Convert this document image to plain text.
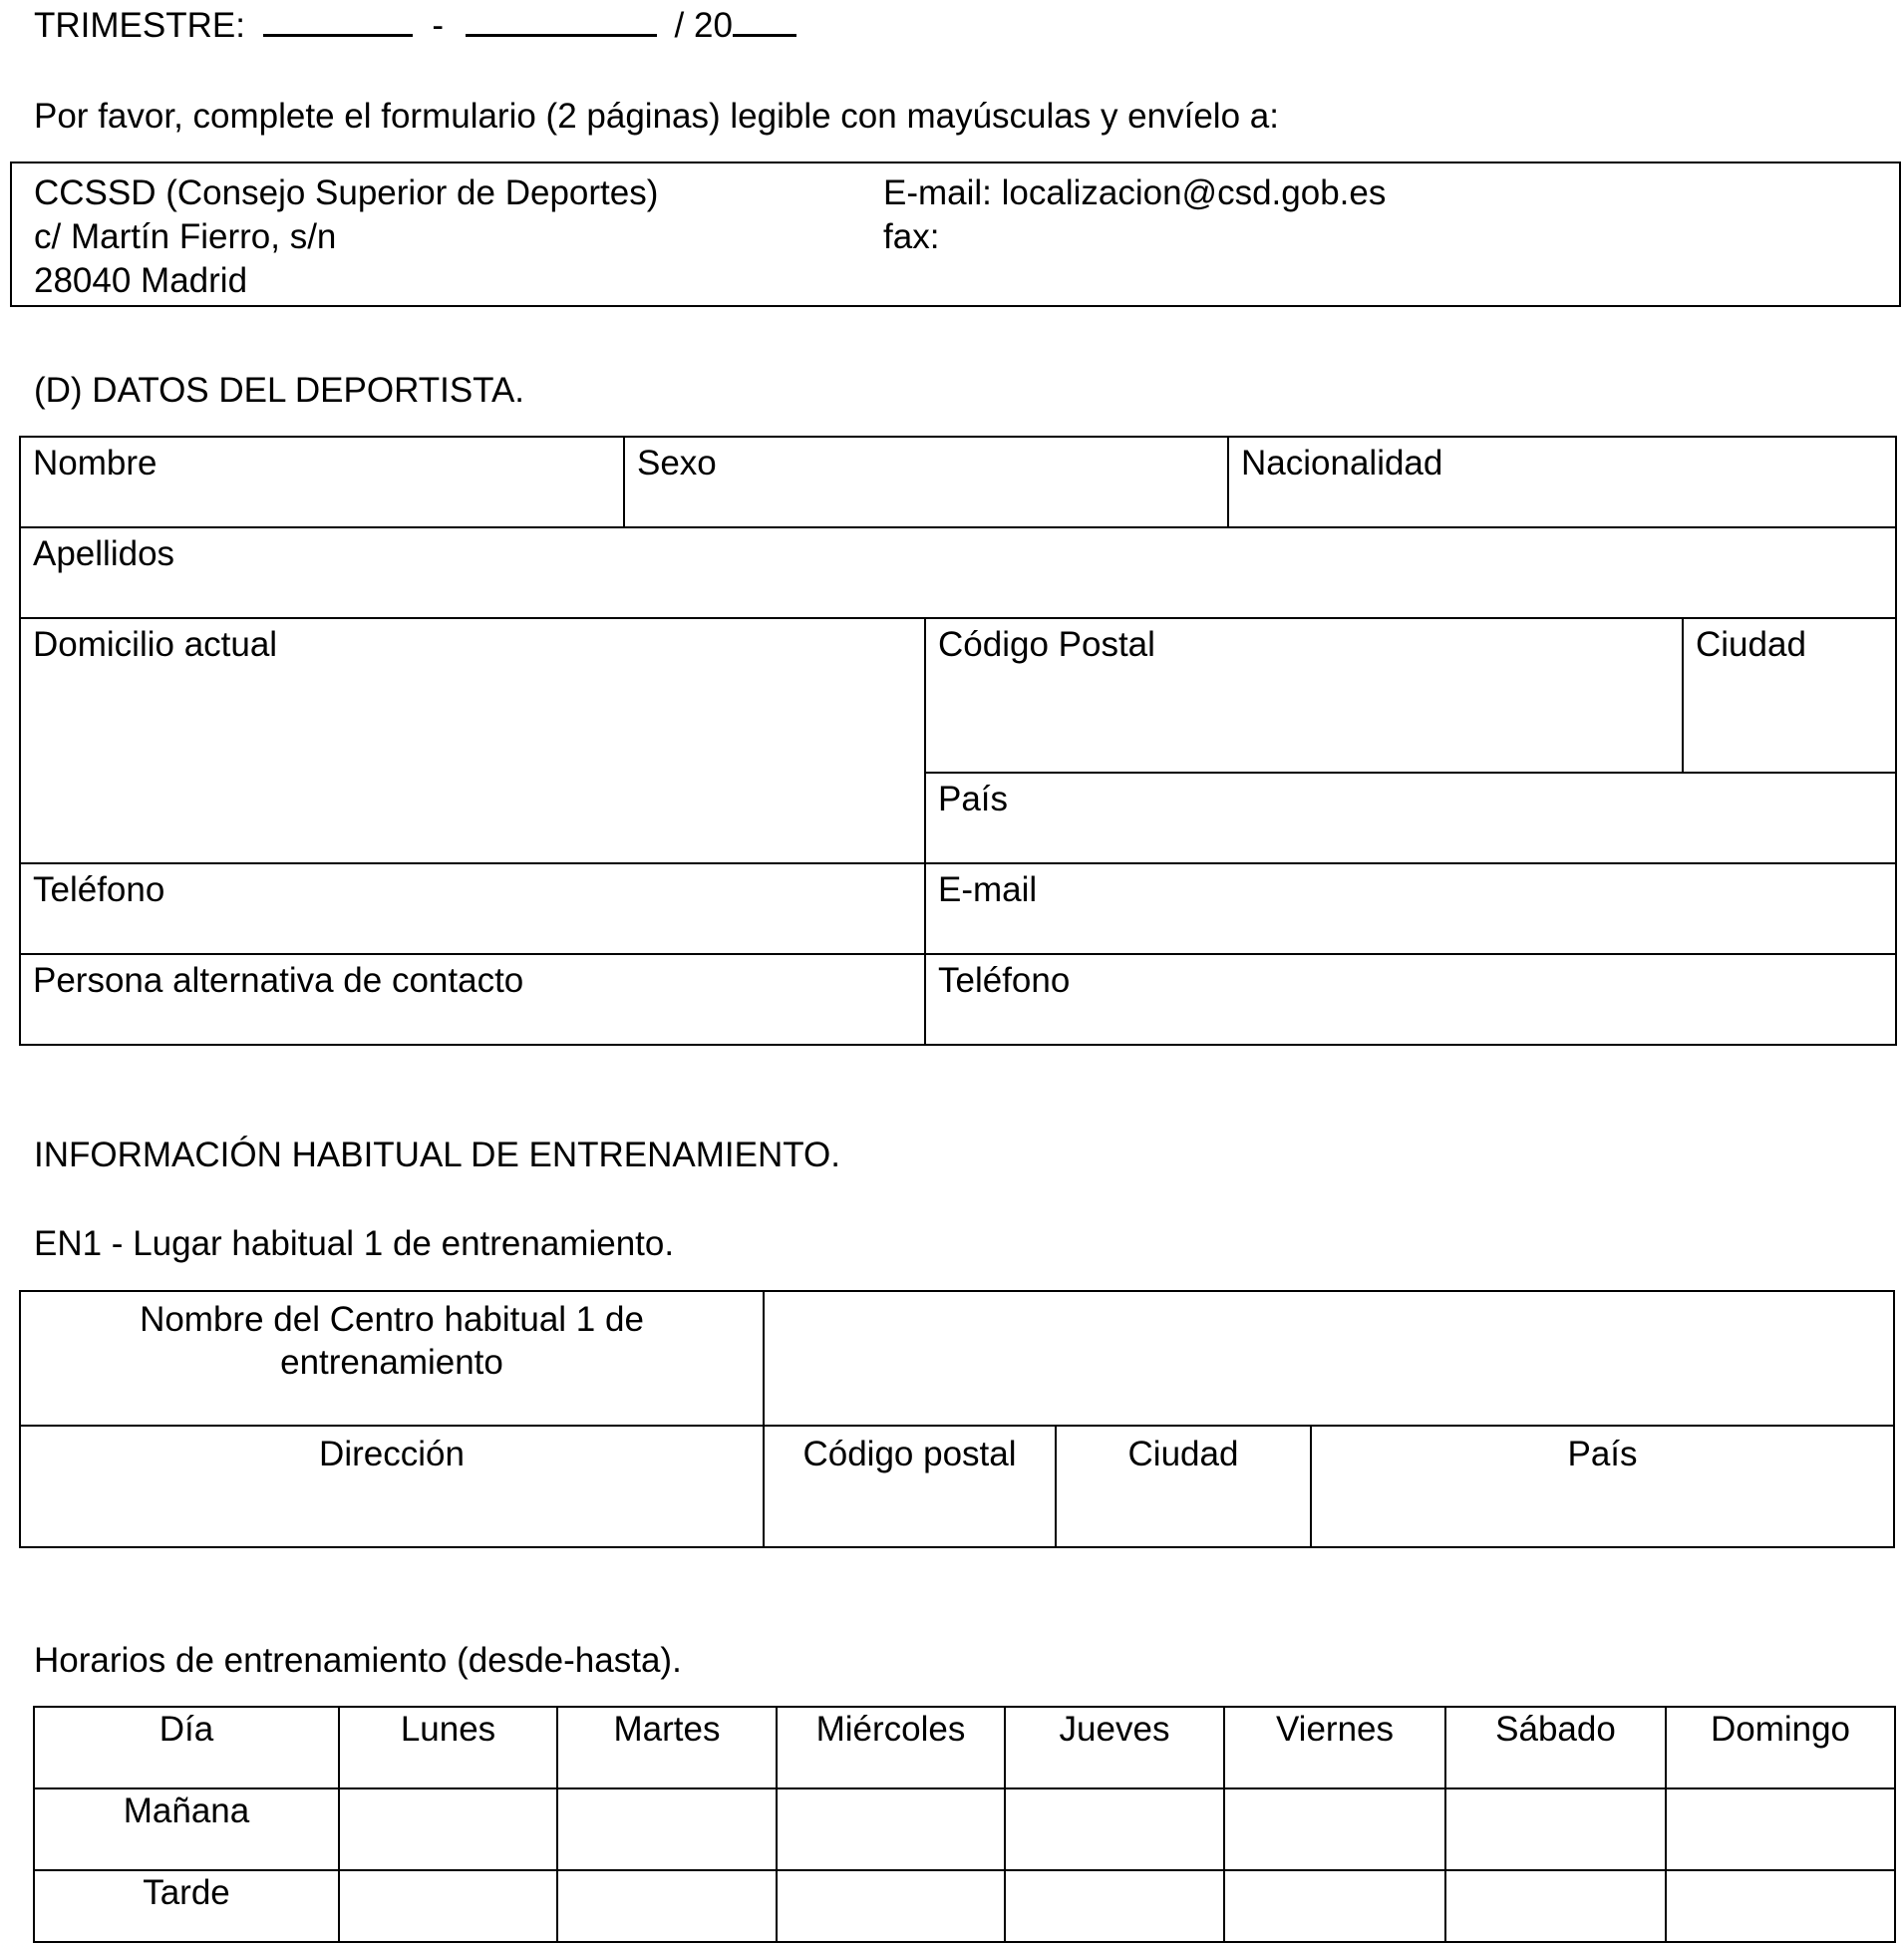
TRIMESTRE:	-	/ 20
Por favor, complete el formulario (2 páginas) legible con mayúsculas y envíelo a:
CCSSD (Consejo Superior de Deportes)
c/ Martín Fierro, s/n
28040 Madrid
E-mail: localizacion@csd.gob.es
fax:
(D) DATOS DEL DEPORTISTA.
Nombre	Sexo		Nacionalidad	

Apellidos				

Domicilio actual		Código Postal		Ciudad

		País		

Teléfono		E-mail		

Persona alternativa de contacto		Teléfono		
INFORMACIÓN HABITUAL DE ENTRENAMIENTO.
EN1 - Lugar habitual 1 de entrenamiento.
Nombre del Centro habitual 1 de entrenamiento			

Dirección	Código postal	Ciudad	País
Horarios de entrenamiento (desde-hasta).
Día	Lunes	Martes	Miércoles	Jueves	Viernes	Sábado	Domingo
Mañana							
Tarde							
